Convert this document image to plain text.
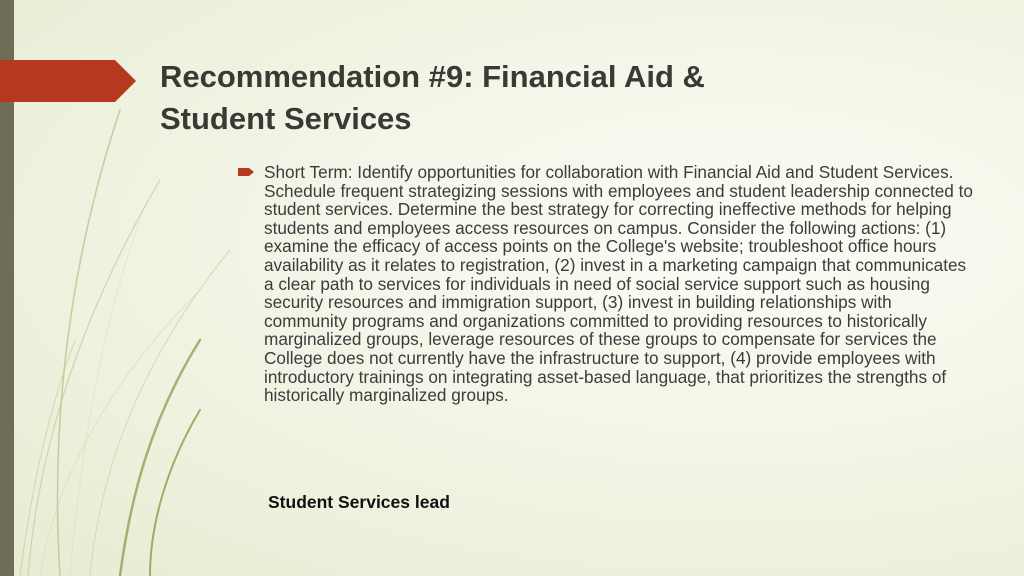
Recommendation #9: Financial Aid &
Student Services
Short Term: Identify opportunities for collaboration with Financial Aid and Student Services. Schedule frequent strategizing sessions with employees and student leadership connected to student services. Determine the best strategy for correcting ineffective methods for helping students and employees access resources on campus. Consider the following actions: (1) examine the efficacy of access points on the College's website; troubleshoot office hours availability as it relates to registration, (2) invest in a marketing campaign that communicates a clear path to services for individuals in need of social service support such as housing security resources and immigration support, (3) invest in building relationships with community programs and organizations committed to providing resources to historically marginalized groups, leverage resources of these groups to compensate for services the College does not currently have the infrastructure to support, (4) provide employees with introductory trainings on integrating asset-based language, that prioritizes the strengths of historically marginalized groups.
Student Services lead
